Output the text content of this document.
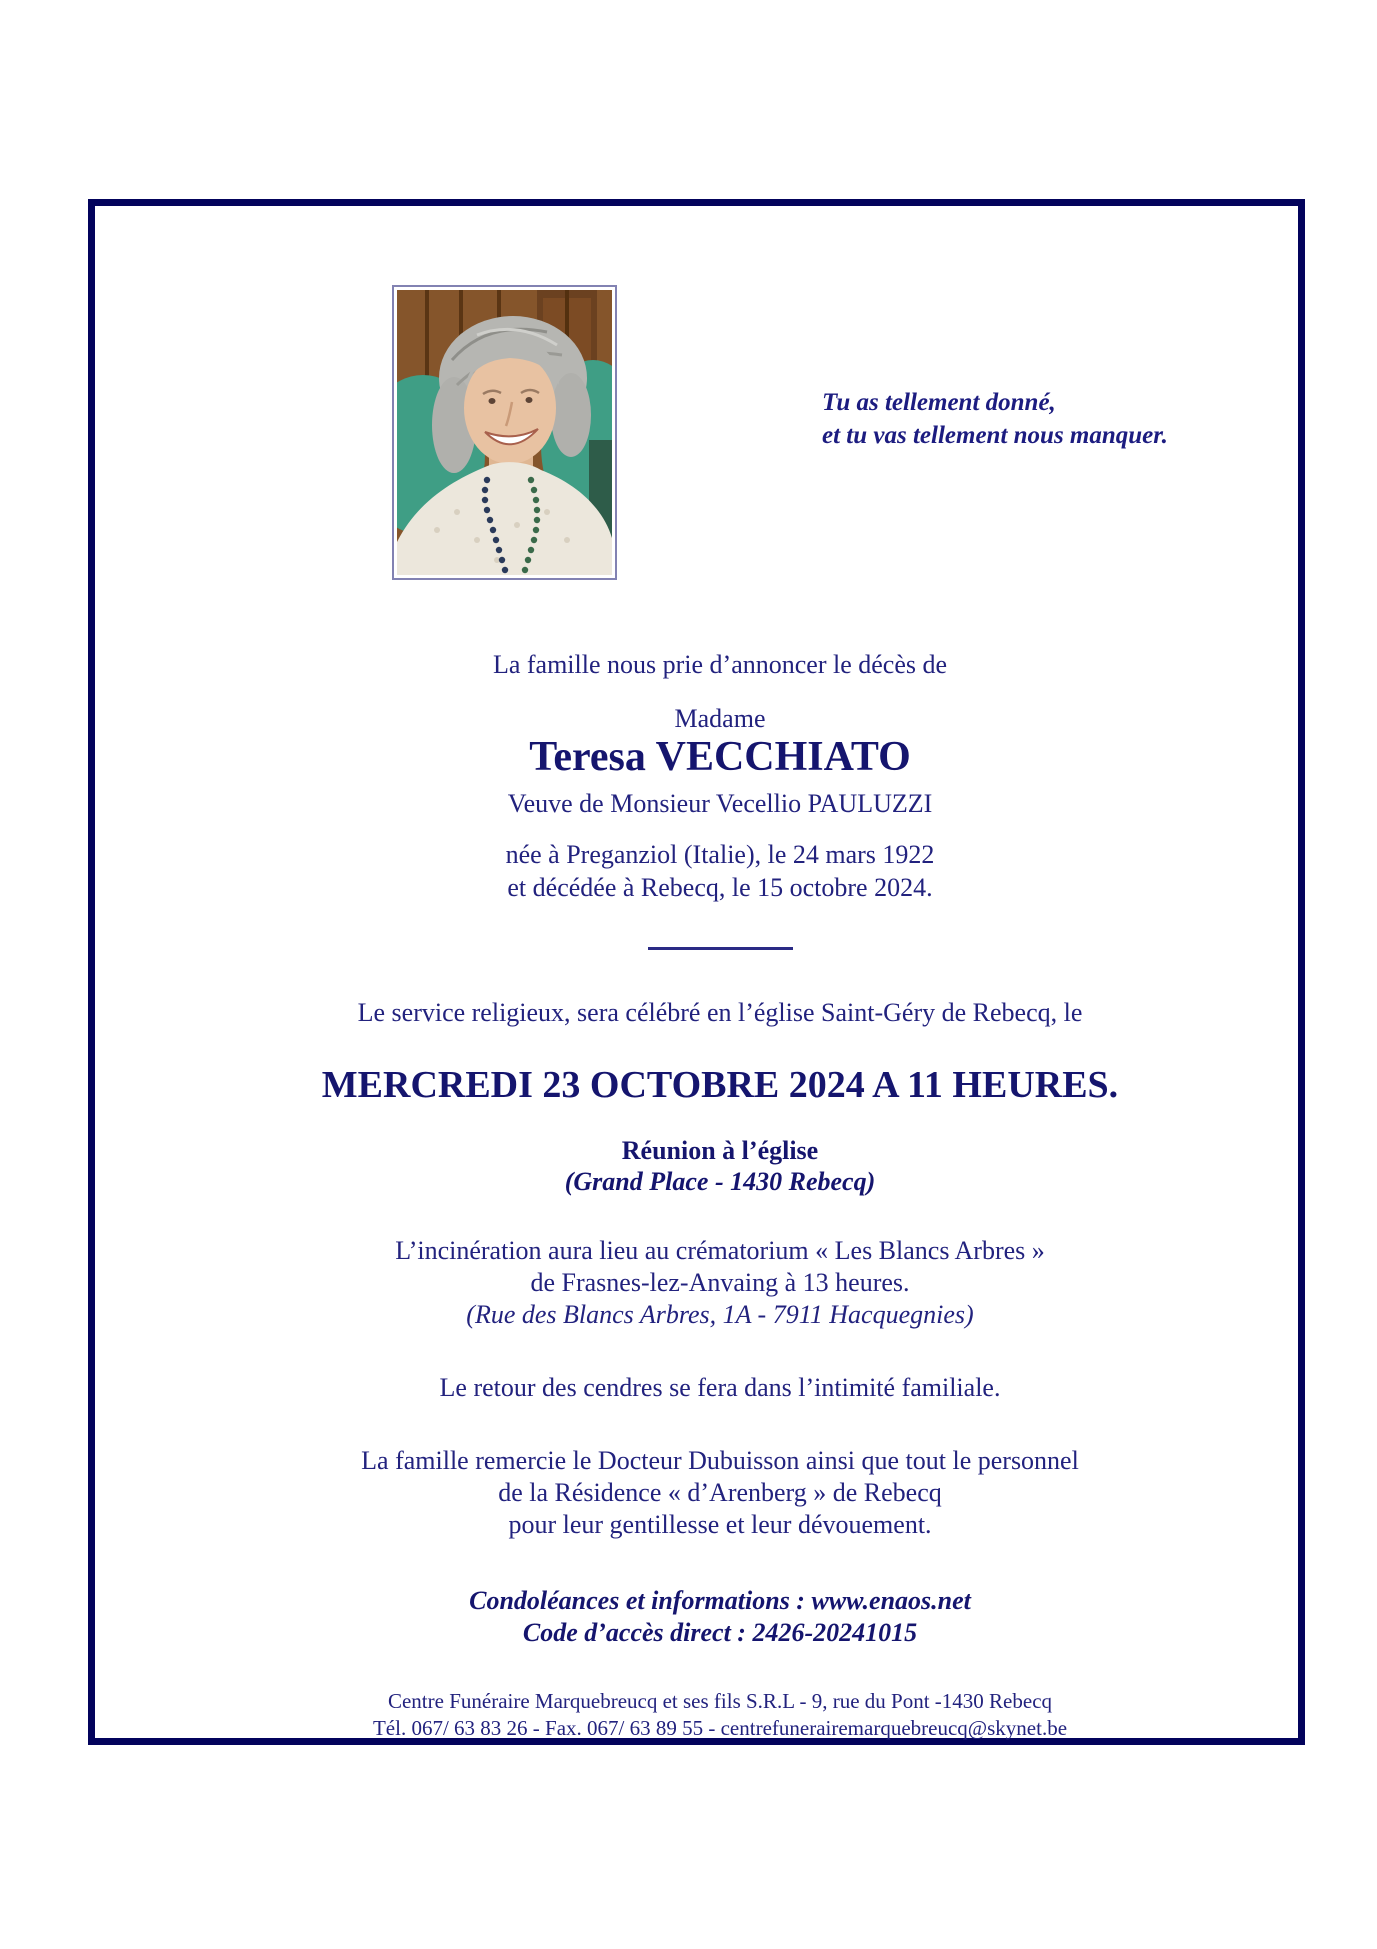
Tu as tellement donné,
et tu vas tellement nous manquer.
La famille nous prie d’annoncer le décès de
Madame
Teresa VECCHIATO
Veuve de Monsieur Vecellio PAULUZZI
née à Preganziol (Italie), le 24 mars 1922
et décédée à Rebecq, le 15 octobre 2024.
Le service religieux, sera célébré en l’église Saint-Géry de Rebecq, le
MERCREDI 23 OCTOBRE 2024 A 11 HEURES.
Réunion à l’église
(Grand Place - 1430 Rebecq)
L’incinération aura lieu au crématorium « Les Blancs Arbres »
de Frasnes-lez-Anvaing à 13 heures.
(Rue des Blancs Arbres, 1A - 7911 Hacquegnies)
Le retour des cendres se fera dans l’intimité familiale.
La famille remercie le Docteur Dubuisson ainsi que tout le personnel
de la Résidence « d’Arenberg » de Rebecq
pour leur gentillesse et leur dévouement.
Condoléances et informations : www.enaos.net
Code d’accès direct : 2426-20241015
Centre Funéraire Marquebreucq et ses fils S.R.L - 9, rue du Pont -1430 Rebecq
Tél. 067/ 63 83 26 - Fax. 067/ 63 89 55 - centrefunerairemarquebreucq@skynet.be
